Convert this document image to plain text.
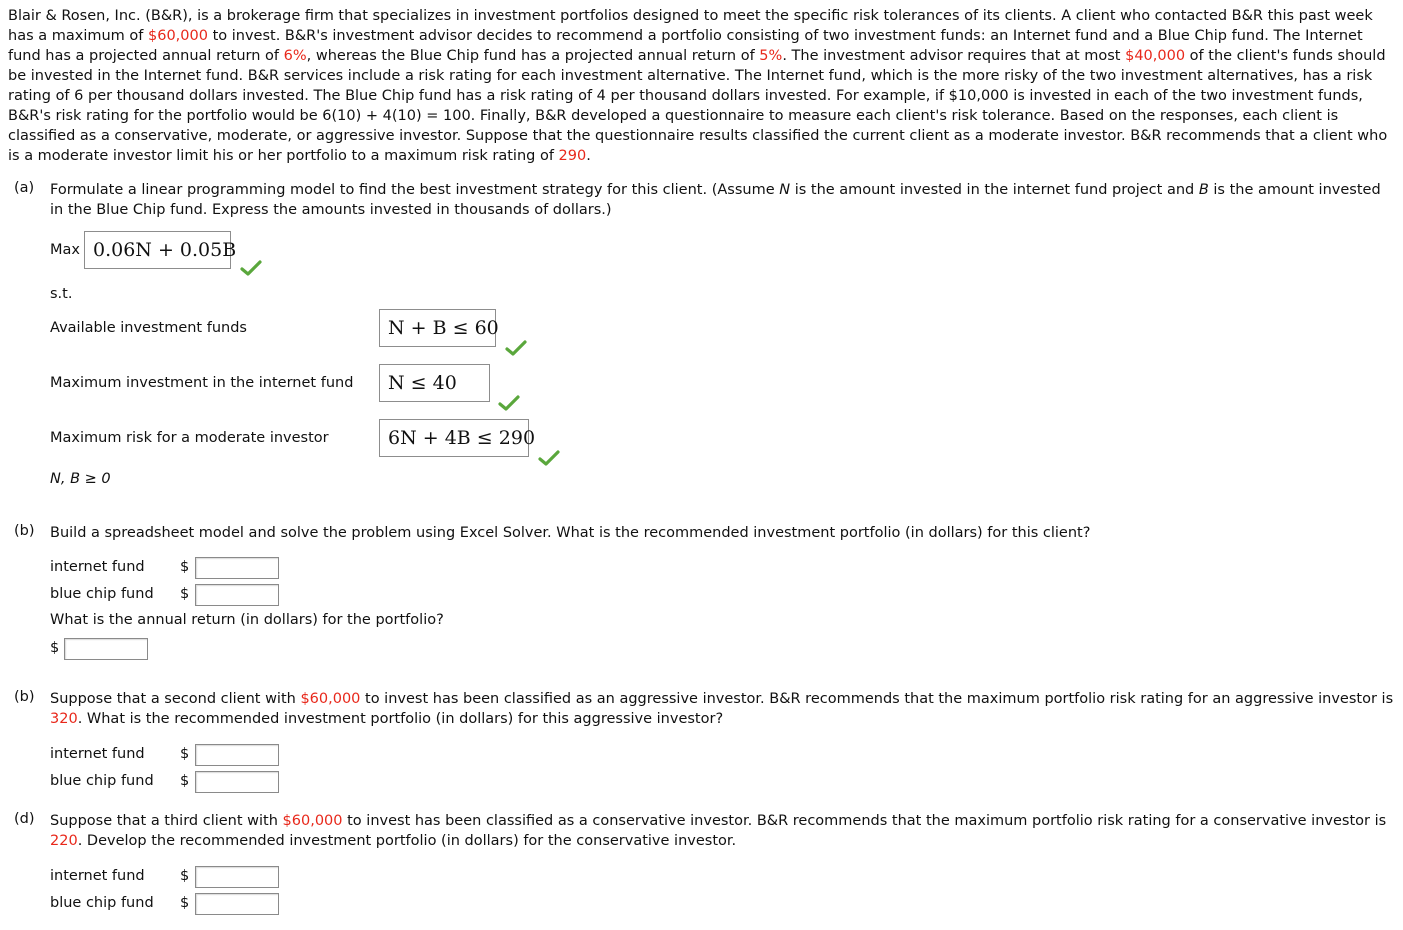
Blair & Rosen, Inc. (B&R), is a brokerage firm that specializes in investment portfolios designed to meet the specific risk tolerances of its clients. A client who contacted B&R this past week has a maximum of $60,000 to invest. B&R's investment advisor decides to recommend a portfolio consisting of two investment funds: an Internet fund and a Blue Chip fund. The Internet fund has a projected annual return of 6%, whereas the Blue Chip fund has a projected annual return of 5%. The investment advisor requires that at most $40,000 of the client's funds should be invested in the Internet fund. B&R services include a risk rating for each investment alternative. The Internet fund, which is the more risky of the two investment alternatives, has a risk rating of 6 per thousand dollars invested. The Blue Chip fund has a risk rating of 4 per thousand dollars invested. For example, if $10,000 is invested in each of the two investment funds, B&R's risk rating for the portfolio would be 6(10) + 4(10) = 100. Finally, B&R developed a questionnaire to measure each client's risk tolerance. Based on the responses, each client is classified as a conservative, moderate, or aggressive investor. Suppose that the questionnaire results classified the current client as a moderate investor. B&R recommends that a client who is a moderate investor limit his or her portfolio to a maximum risk rating of 290.
(a) Formulate a linear programming model to find the best investment strategy for this client. (Assume N is the amount invested in the internet fund project and B is the amount invested in the Blue Chip fund. Express the amounts invested in thousands of dollars.)
Max 0.06N + 0.05B
s.t.
Available investment funds	N + B ≤ 60
Maximum investment in the internet fund	N ≤ 40
Maximum risk for a moderate investor	6N + 4B ≤ 290
N, B ≥ 0
(b) Build a spreadsheet model and solve the problem using Excel Solver. What is the recommended investment portfolio (in dollars) for this client?
internet fund $
blue chip fund $
What is the annual return (in dollars) for the portfolio?
$
(b) Suppose that a second client with $60,000 to invest has been classified as an aggressive investor. B&R recommends that the maximum portfolio risk rating for an aggressive investor is 320. What is the recommended investment portfolio (in dollars) for this aggressive investor?
internet fund $
blue chip fund $
(d) Suppose that a third client with $60,000 to invest has been classified as a conservative investor. B&R recommends that the maximum portfolio risk rating for a conservative investor is 220. Develop the recommended investment portfolio (in dollars) for the conservative investor.
internet fund $
blue chip fund $
